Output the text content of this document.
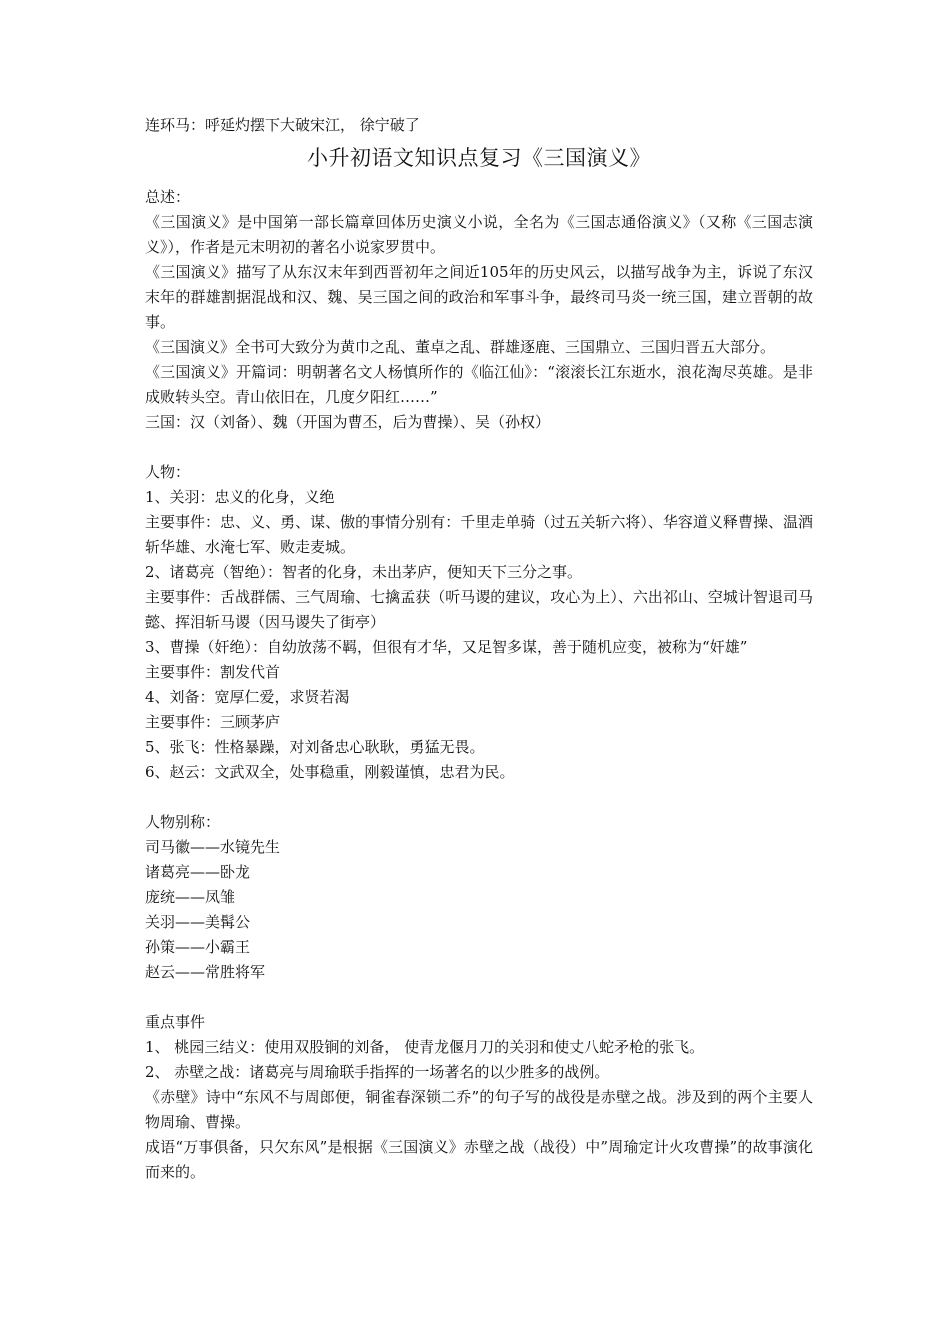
连环马：呼延灼摆下大破宋江， 徐宁破了

小升初语文知识点复习《三国演义》

总述：

《三国演义》是中国第一部长篇章回体历史演义小说，全名为《三国志通俗演义》（又称《三国志演义》），作者是元末明初的著名小说家罗贯中。

《三国演义》描写了从东汉末年到西晋初年之间近105年的历史风云，以描写战争为主，诉说了东汉末年的群雄割据混战和汉、魏、吴三国之间的政治和军事斗争，最终司马炎一统三国，建立晋朝的故事。

《三国演义》全书可大致分为黄巾之乱、董卓之乱、群雄逐鹿、三国鼎立、三国归晋五大部分。

《三国演义》开篇词：明朝著名文人杨慎所作的《临江仙》：“滚滚长江东逝水，浪花淘尽英雄。是非成败转头空。青山依旧在，几度夕阳红……”

三国：汉（刘备）、魏（开国为曹丕，后为曹操）、吴（孙权）

人物：

1、关羽：忠义的化身，义绝

主要事件：忠、义、勇、谋、傲的事情分别有：千里走单骑（过五关斩六将）、华容道义释曹操、温酒斩华雄、水淹七军、败走麦城。

2、诸葛亮（智绝）：智者的化身，未出茅庐，便知天下三分之事。

主要事件：舌战群儒、三气周瑜、七擒孟获（听马谡的建议，攻心为上）、六出祁山、空城计智退司马懿、挥泪斩马谡（因马谡失了街亭）

3、曹操（奸绝）：自幼放荡不羁，但很有才华，又足智多谋，善于随机应变，被称为“奸雄”

主要事件：割发代首

4、刘备：宽厚仁爱，求贤若渴

主要事件：三顾茅庐

5、张飞：性格暴躁，对刘备忠心耿耿，勇猛无畏。

6、赵云：文武双全，处事稳重，刚毅谨慎，忠君为民。

人物别称：

司马徽——水镜先生

诸葛亮——卧龙

庞统——凤雏

关羽——美髯公

孙策——小霸王

赵云——常胜将军

重点事件

1、 桃园三结义：使用双股锏的刘备， 使青龙偃月刀的关羽和使丈八蛇矛枪的张飞。

2、 赤壁之战：诸葛亮与周瑜联手指挥的一场著名的以少胜多的战例。

《赤壁》诗中“东风不与周郎便，铜雀春深锁二乔”的句子写的战役是赤壁之战。涉及到的两个主要人物周瑜、曹操。

成语“万事俱备，只欠东风”是根据《三国演义》赤壁之战（战役）中”周瑜定计火攻曹操”的故事演化而来的。
